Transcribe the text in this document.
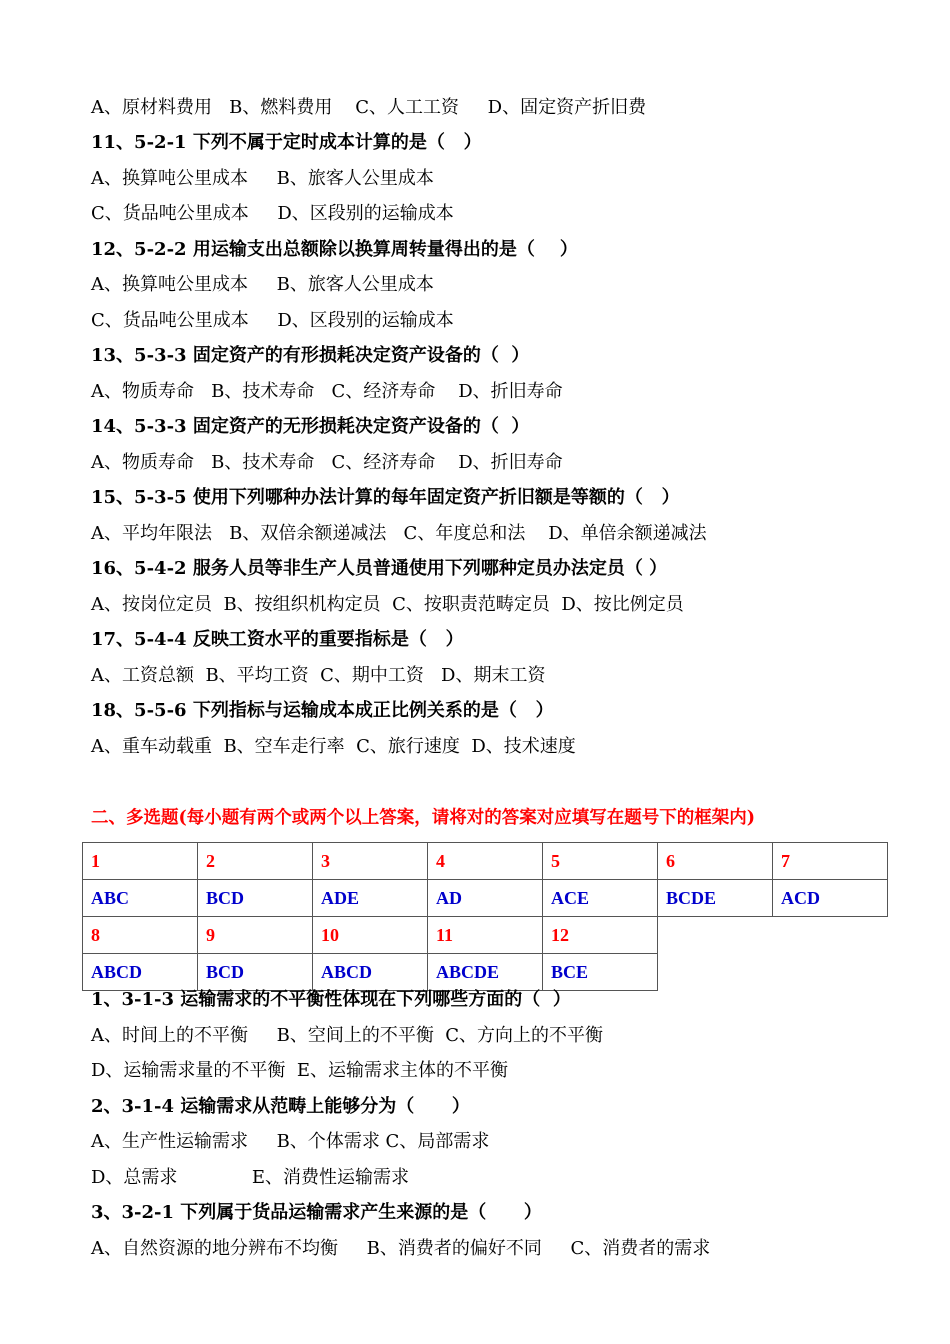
A、原材料费用   B、燃料费用    C、人工工资     D、固定资产折旧费
11、5-2-1 下列不属于定时成本计算的是（   ）
A、换算吨公里成本     B、旅客人公里成本
C、货品吨公里成本     D、区段别的运输成本
12、5-2-2 用运输支出总额除以换算周转量得出的是（    ）
A、换算吨公里成本     B、旅客人公里成本
C、货品吨公里成本     D、区段别的运输成本
13、5-3-3 固定资产的有形损耗决定资产设备的（  ）
A、物质寿命   B、技术寿命   C、经济寿命    D、折旧寿命
14、5-3-3 固定资产的无形损耗决定资产设备的（  ）
A、物质寿命   B、技术寿命   C、经济寿命    D、折旧寿命
15、5-3-5 使用下列哪种办法计算的每年固定资产折旧额是等额的（   ）
A、平均年限法   B、双倍余额递减法   C、年度总和法    D、单倍余额递减法
16、5-4-2 服务人员等非生产人员普通使用下列哪种定员办法定员（ ）
A、按岗位定员  B、按组织机构定员  C、按职责范畴定员  D、按比例定员
17、5-4-4 反映工资水平的重要指标是（   ）
A、工资总额  B、平均工资  C、期中工资   D、期末工资
18、5-5-6 下列指标与运输成本成正比例关系的是（   ）
A、重车动载重  B、空车走行率  C、旅行速度  D、技术速度
二、多选题(每小题有两个或两个以上答案，请将对的答案对应填写在题号下的框架内)
1	2	3	4	5	6	7
ABC	BCD	ADE	AD	ACE	BCDE	ACD
8	9	10	11	12		
ABCD	BCD	ABCD	ABCDE	BCE		
1、3-1-3 运输需求的不平衡性体现在下列哪些方面的（  ）
A、时间上的不平衡     B、空间上的不平衡  C、方向上的不平衡
D、运输需求量的不平衡  E、运输需求主体的不平衡
2、3-1-4 运输需求从范畴上能够分为（      ）
A、生产性运输需求     B、个体需求 C、局部需求
D、总需求             E、消费性运输需求
3、3-2-1 下列属于货品运输需求产生来源的是（      ）
A、自然资源的地分辨布不均衡     B、消费者的偏好不同     C、消费者的需求
